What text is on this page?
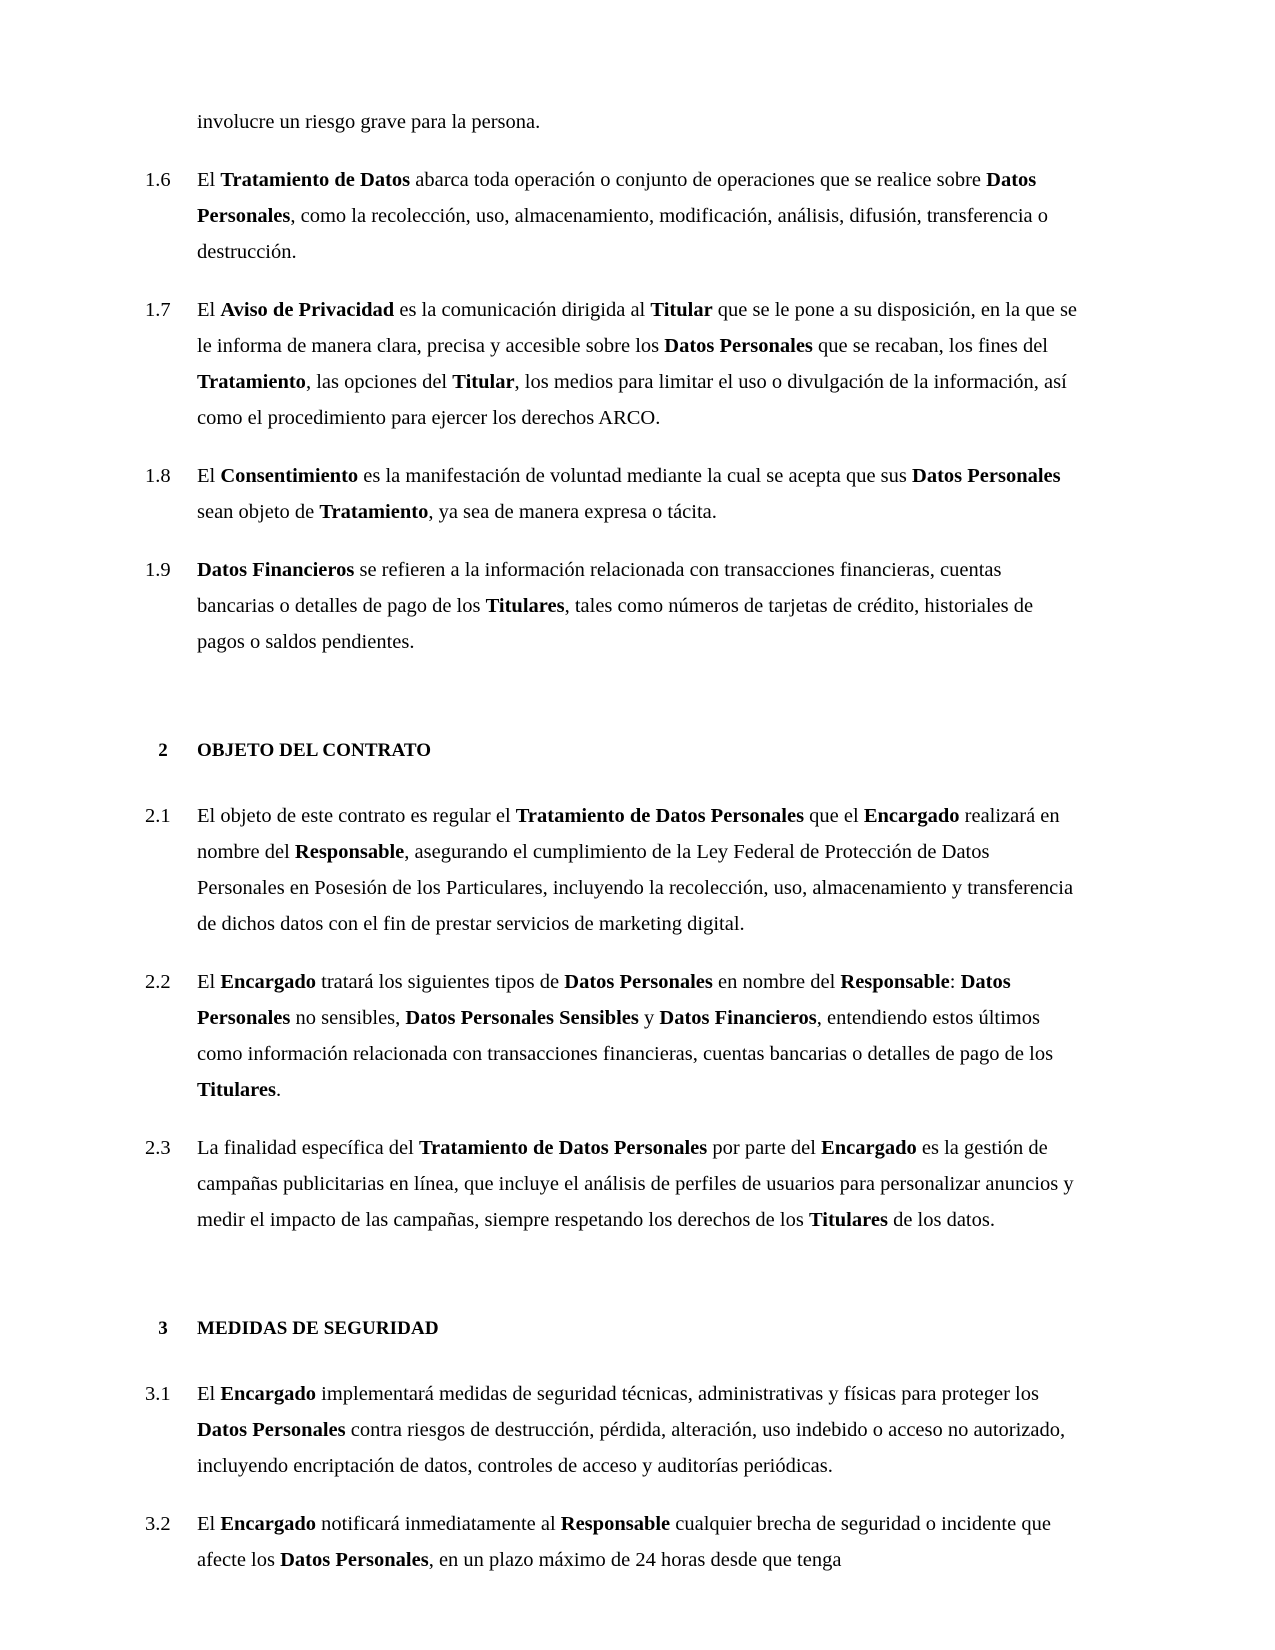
involucre un riesgo grave para la persona.

1.6	El Tratamiento de Datos abarca toda operación o conjunto de operaciones que se realice sobre Datos Personales, como la recolección, uso, almacenamiento, modificación, análisis, difusión, transferencia o destrucción.
1.7	El Aviso de Privacidad es la comunicación dirigida al Titular que se le pone a su disposición, en la que se le informa de manera clara, precisa y accesible sobre los Datos Personales que se recaban, los fines del Tratamiento, las opciones del Titular, los medios para limitar el uso o divulgación de la información, así como el procedimiento para ejercer los derechos ARCO.
1.8	El Consentimiento es la manifestación de voluntad mediante la cual se acepta que sus Datos Personales sean objeto de Tratamiento, ya sea de manera expresa o tácita.
1.9	Datos Financieros se refieren a la información relacionada con transacciones financieras, cuentas bancarias o detalles de pago de los Titulares, tales como números de tarjetas de crédito, historiales de pagos o saldos pendientes.
2	OBJETO DEL CONTRATO
2.1	El objeto de este contrato es regular el Tratamiento de Datos Personales que el Encargado realizará en nombre del Responsable, asegurando el cumplimiento de la Ley Federal de Protección de Datos Personales en Posesión de los Particulares, incluyendo la recolección, uso, almacenamiento y transferencia de dichos datos con el fin de prestar servicios de marketing digital.
2.2	El Encargado tratará los siguientes tipos de Datos Personales en nombre del Responsable: Datos Personales no sensibles, Datos Personales Sensibles y Datos Financieros, entendiendo estos últimos como información relacionada con transacciones financieras, cuentas bancarias o detalles de pago de los Titulares.
2.3	La finalidad específica del Tratamiento de Datos Personales por parte del Encargado es la gestión de campañas publicitarias en línea, que incluye el análisis de perfiles de usuarios para personalizar anuncios y medir el impacto de las campañas, siempre respetando los derechos de los Titulares de los datos.
3	MEDIDAS DE SEGURIDAD
3.1	El Encargado implementará medidas de seguridad técnicas, administrativas y físicas para proteger los Datos Personales contra riesgos de destrucción, pérdida, alteración, uso indebido o acceso no autorizado, incluyendo encriptación de datos, controles de acceso y auditorías periódicas.
3.2	El Encargado notificará inmediatamente al Responsable cualquier brecha de seguridad o incidente que afecte los Datos Personales, en un plazo máximo de 24 horas desde que tenga
